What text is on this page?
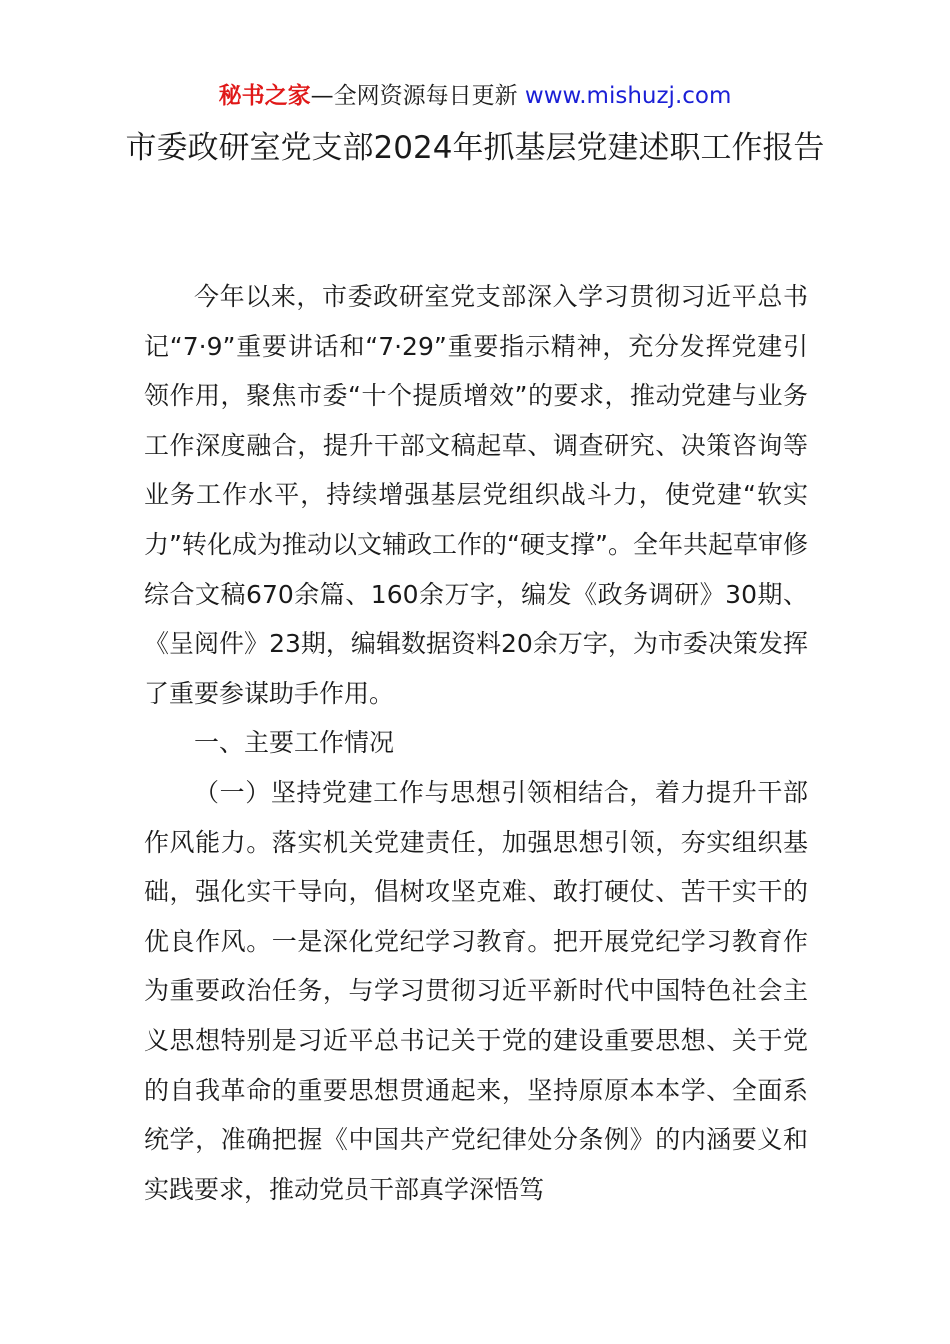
秘书之家—全网资源每日更新 www.mishuzj.com
市委政研室党支部2024年抓基层党建述职工作报告

今年以来，市委政研室党支部深入学习贯彻习近平总书记“7·9”重要讲话和“7·29”重要指示精神，充分发挥党建引领作用，聚焦市委“十个提质增效”的要求，推动党建与业务工作深度融合，提升干部文稿起草、调查研究、决策咨询等业务工作水平，持续增强基层党组织战斗力，使党建“软实力”转化成为推动以文辅政工作的“硬支撑”。全年共起草审修综合文稿670余篇、160余万字，编发《政务调研》30期、《呈阅件》23期，编辑数据资料20余万字，为市委决策发挥了重要参谋助手作用。

一、主要工作情况

（一）坚持党建工作与思想引领相结合，着力提升干部作风能力。落实机关党建责任，加强思想引领，夯实组织基础，强化实干导向，倡树攻坚克难、敢打硬仗、苦干实干的优良作风。一是深化党纪学习教育。把开展党纪学习教育作为重要政治任务，与学习贯彻习近平新时代中国特色社会主义思想特别是习近平总书记关于党的建设重要思想、关于党的自我革命的重要思想贯通起来，坚持原原本本学、全面系统学，准确把握《中国共产党纪律处分条例》的内涵要义和实践要求，推动党员干部真学深悟笃
